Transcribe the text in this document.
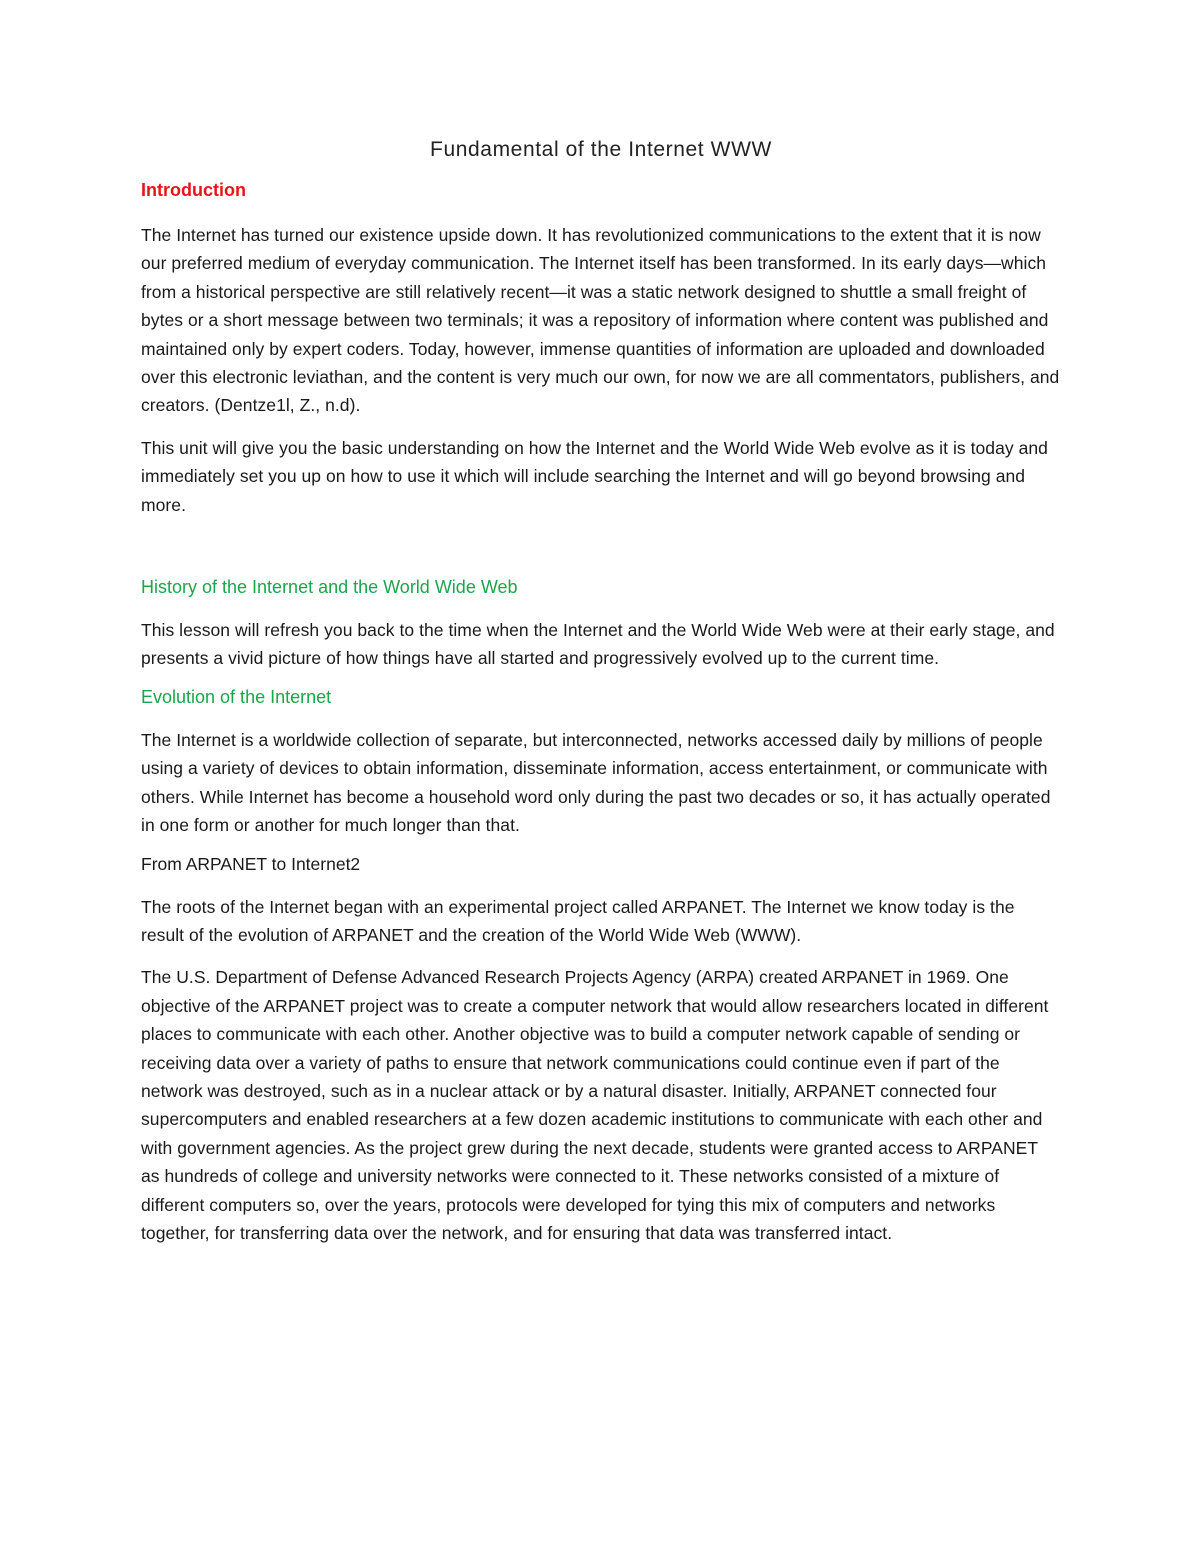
Fundamental of the Internet WWW
Introduction

The Internet has turned our existence upside down. It has revolutionized communications to the extent that it is now our preferred medium of everyday communication. The Internet itself has been transformed. In its early days—which from a historical perspective are still relatively recent—it was a static network designed to shuttle a small freight of bytes or a short message between two terminals; it was a repository of information where content was published and maintained only by expert coders. Today, however, immense quantities of information are uploaded and downloaded over this electronic leviathan, and the content is very much our own, for now we are all commentators, publishers, and creators. (Dentze1l, Z., n.d).

This unit will give you the basic understanding on how the Internet and the World Wide Web evolve as it is today and immediately set you up on how to use it which will include searching the Internet and will go beyond browsing and more.

History of the Internet and the World Wide Web

This lesson will refresh you back to the time when the Internet and the World Wide Web were at their early stage, and presents a vivid picture of how things have all started and progressively evolved up to the current time.

Evolution of the Internet

The Internet is a worldwide collection of separate, but interconnected, networks accessed daily by millions of people using a variety of devices to obtain information, disseminate information, access entertainment, or communicate with others. While Internet has become a household word only during the past two decades or so, it has actually operated in one form or another for much longer than that.

From ARPANET to Internet2

The roots of the Internet began with an experimental project called ARPANET. The Internet we know today is the result of the evolution of ARPANET and the creation of the World Wide Web (WWW).

The U.S. Department of Defense Advanced Research Projects Agency (ARPA) created ARPANET in 1969. One objective of the ARPANET project was to create a computer network that would allow researchers located in different places to communicate with each other. Another objective was to build a computer network capable of sending or receiving data over a variety of paths to ensure that network communications could continue even if part of the network was destroyed, such as in a nuclear attack or by a natural disaster. Initially, ARPANET connected four supercomputers and enabled researchers at a few dozen academic institutions to communicate with each other and with government agencies. As the project grew during the next decade, students were granted access to ARPANET as hundreds of college and university networks were connected to it. These networks consisted of a mixture of different computers so, over the years, protocols were developed for tying this mix of computers and networks together, for transferring data over the network, and for ensuring that data was transferred intact.
